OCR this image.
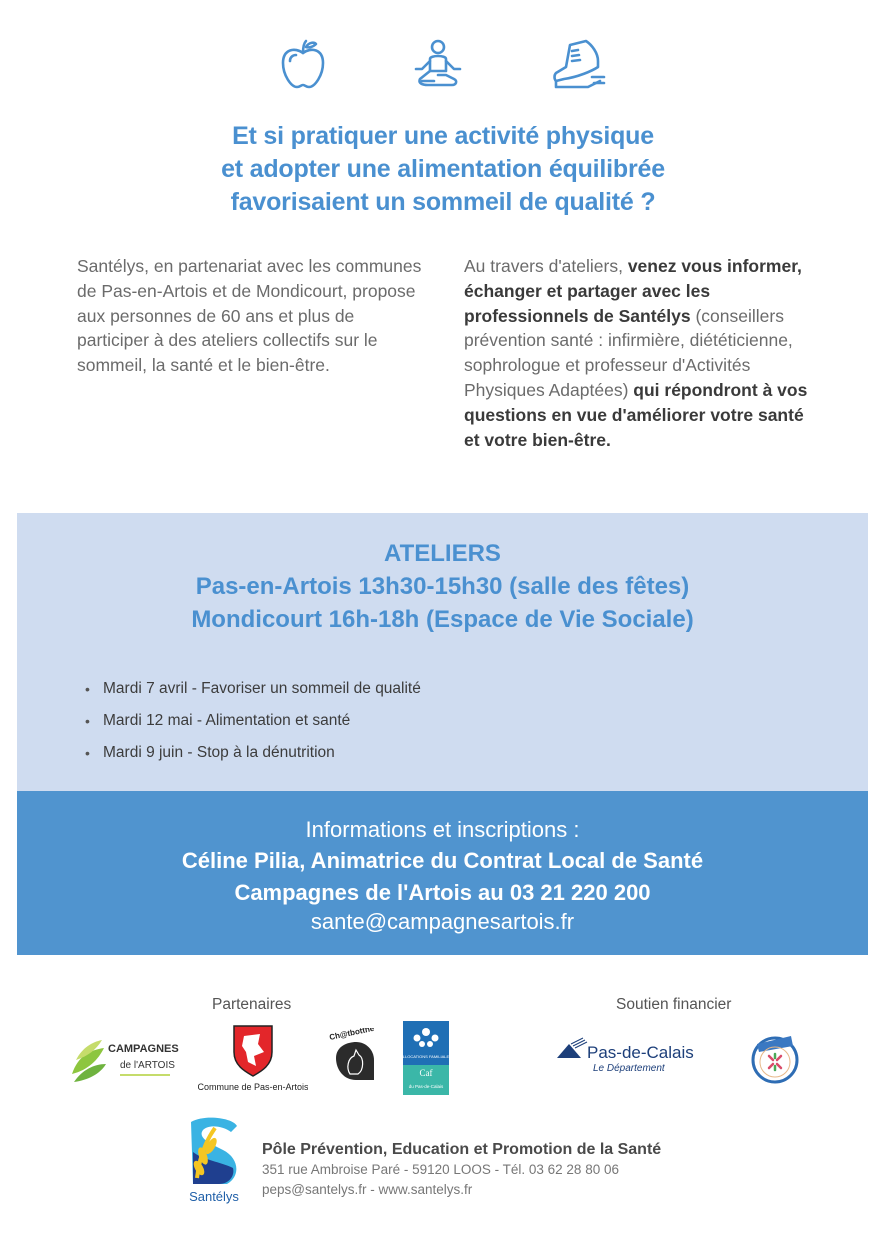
Et si pratiquer une activité physique
et adopter une alimentation équilibrée
favorisaient un sommeil de qualité ?

Santélys, en partenariat avec les communes de Pas-en-Artois et de Mondicourt, propose aux personnes de 60 ans et plus de participer à des ateliers collectifs sur le sommeil, la santé et le bien-être.

Au travers d'ateliers, venez vous informer, échanger et partager avec les professionnels de Santélys (conseillers prévention santé : infirmière, diététicienne, sophrologue et professeur d'Activités Physiques Adaptées) qui répondront à vos questions en vue d'améliorer votre santé et votre bien-être.

ATELIERS
Pas-en-Artois 13h30-15h30 (salle des fêtes)
Mondicourt 16h-18h (Espace de Vie Sociale)
• Mardi 7 avril - Favoriser un sommeil de qualité
• Mardi 12 mai - Alimentation et santé
• Mardi 9 juin - Stop à la dénutrition
Informations et inscriptions :
Céline Pilia, Animatrice du Contrat Local de Santé
Campagnes de l'Artois au 03 21 220 200
sante@campagnesartois.fr
Partenaires	Soutien financier
CAMPAGNES
de l'ARTOIS
Commune de Pas-en-Artois
Ch@tbotthé
ALLOCATIONS FAMILIALES
Caf
du Pas-de-Calais
Pas-de-Calais
Le Département
Santélys
Pôle Prévention, Education et Promotion de la Santé
351 rue Ambroise Paré - 59120 LOOS - Tél. 03 62 28 80 06
peps@santelys.fr - www.santelys.fr
